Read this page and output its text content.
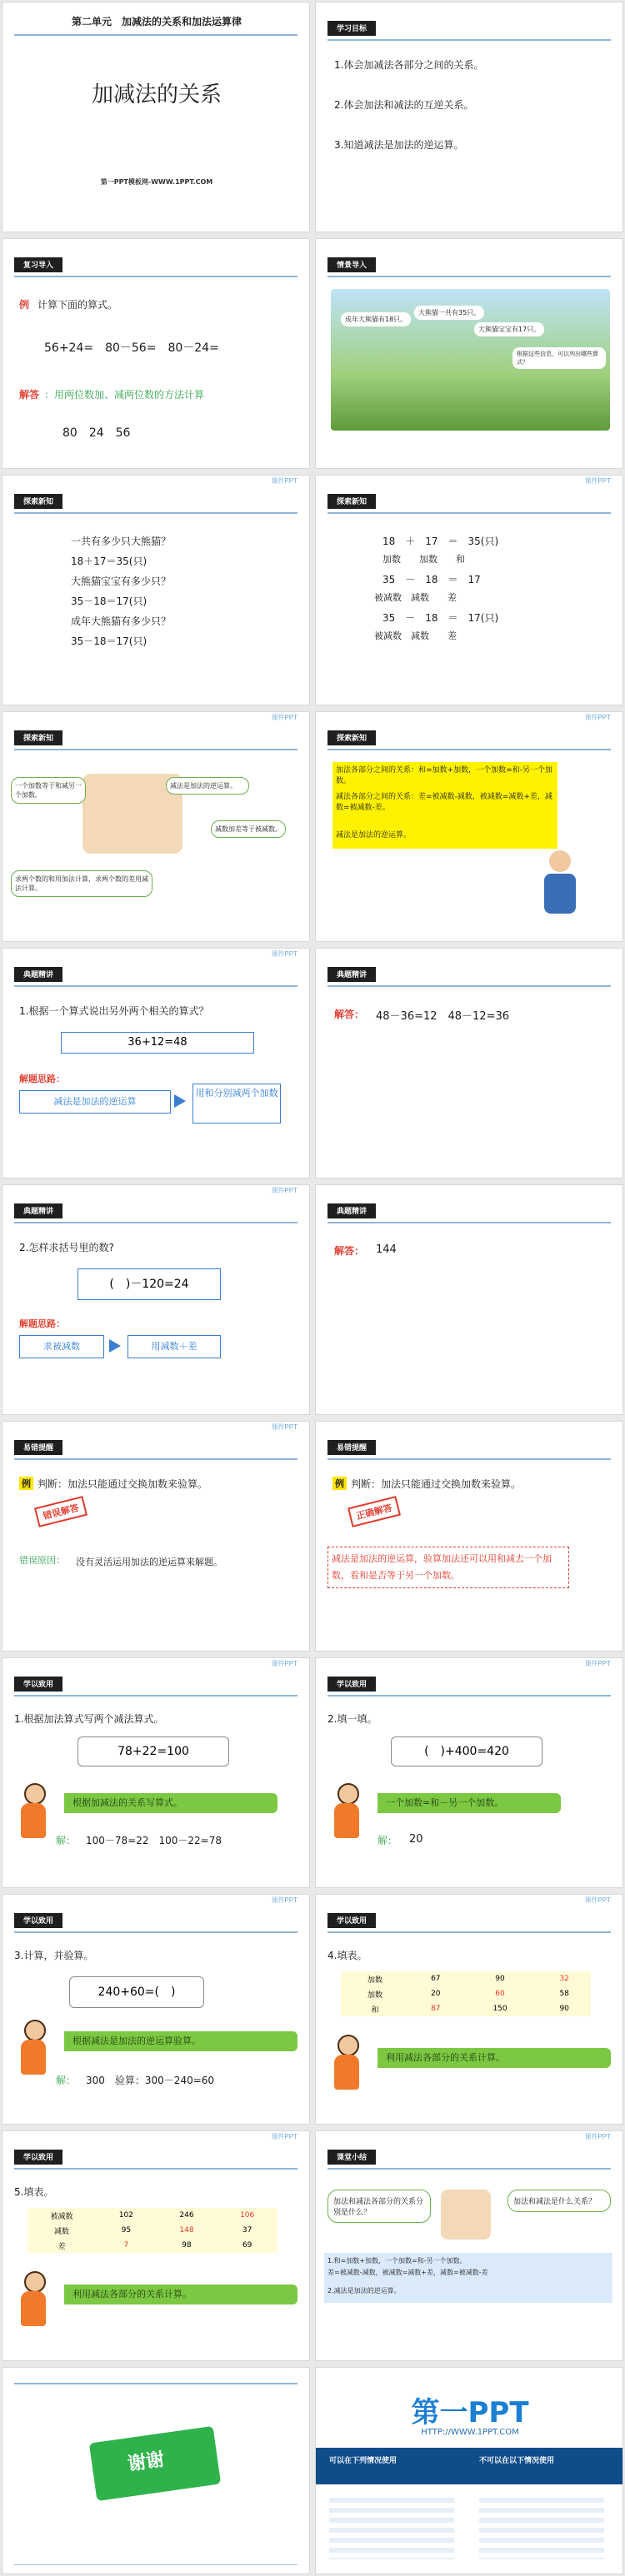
第二单元　加减法的关系和加法运算律
加减法的关系
第一PPT模板网-WWW.1PPT.COM
学习目标
1.体会加减法各部分之间的关系。
2.体会加法和减法的互逆关系。
3.知道减法是加法的逆运算。
复习导入
例 计算下面的算式。
56+24=　80－56=　80－24=
解答 ：用两位数加、减两位数的方法计算
80　24　56
情景导入
成年大熊猫有18只。
大熊猫一共有35只。
大熊猫宝宝有17只。
根据这些信息，可以列出哪些算式？
课件PPT
探索新知
一共有多少只大熊猫？
18＋17＝35(只)
大熊猫宝宝有多少只？
35－18＝17(只)
成年大熊猫有多少只？
35－18＝17(只)
课件PPT
探索新知
18　＋　17　＝　35(只)
加数　　加数　　和
35　－　18　＝　17
被减数　减数　　差
35　－　18　＝　17(只)
被减数　减数　　差
课件PPT
探索新知
一个加数等于和减另一个加数。
减法是加法的逆运算。
减数加差等于被减数。
求两个数的和用加法计算，求两个数的差用减法计算。
课件PPT
探索新知
加法各部分之间的关系：和=加数+加数，一个加数=和-另一个加数。
减法各部分之间的关系：差=被减数-减数，被减数=减数+差，减数=被减数-差。
减法是加法的逆运算。
课件PPT
典题精讲
1.根据一个算式说出另外两个相关的算式？
36+12=48
解题思路：
减法是加法的逆运算
用和分别减两个加数
典题精讲
解答： 48－36=12　48－12=36
课件PPT
典题精讲
2.怎样求括号里的数?
(　)－120=24
解题思路：
求被减数	用减数＋差
典题精讲
解答： 144
课件PPT
易错提醒
例 判断：加法只能通过交换加数来验算。
错误解答
错误原因： 没有灵活运用加法的逆运算来解题。
易错提醒
例 判断：加法只能通过交换加数来验算。
正确解答
减法是加法的逆运算，验算加法还可以用和减去一个加数，看和是否等于另一个加数。
课件PPT
学以致用
1.根据加法算式写两个减法算式。
78+22=100
根据加减法的关系写算式。
解： 100－78=22　100－22=78
课件PPT
学以致用
2.填一填。
(　)+400=420
一个加数=和－另一个加数。
解： 20
课件PPT
学以致用
3.计算，并验算。
240+60=(　)
根据减法是加法的逆运算验算。
解： 300　验算：300－240=60
课件PPT
学以致用
4.填表。
加数	67	90	32
加数	20	60	58
和	87	150	90
利用减法各部分的关系计算。
课件PPT
学以致用
5.填表。
被减数	102	246	106
减数	95	148	37
差	7	98	69
利用减法各部分的关系计算。
课件PPT
课堂小结
加法和减法各部分的关系分别是什么？
加法和减法是什么关系？
1.和=加数+加数，一个加数=和-另一个加数。
差=被减数-减数，被减数=减数+差，减数=被减数-差
2.减法是加法的逆运算。
谢谢
第一PPT
HTTP://WWW.1PPT.COM
可以在下列情况使用	不可以在以下情况使用
